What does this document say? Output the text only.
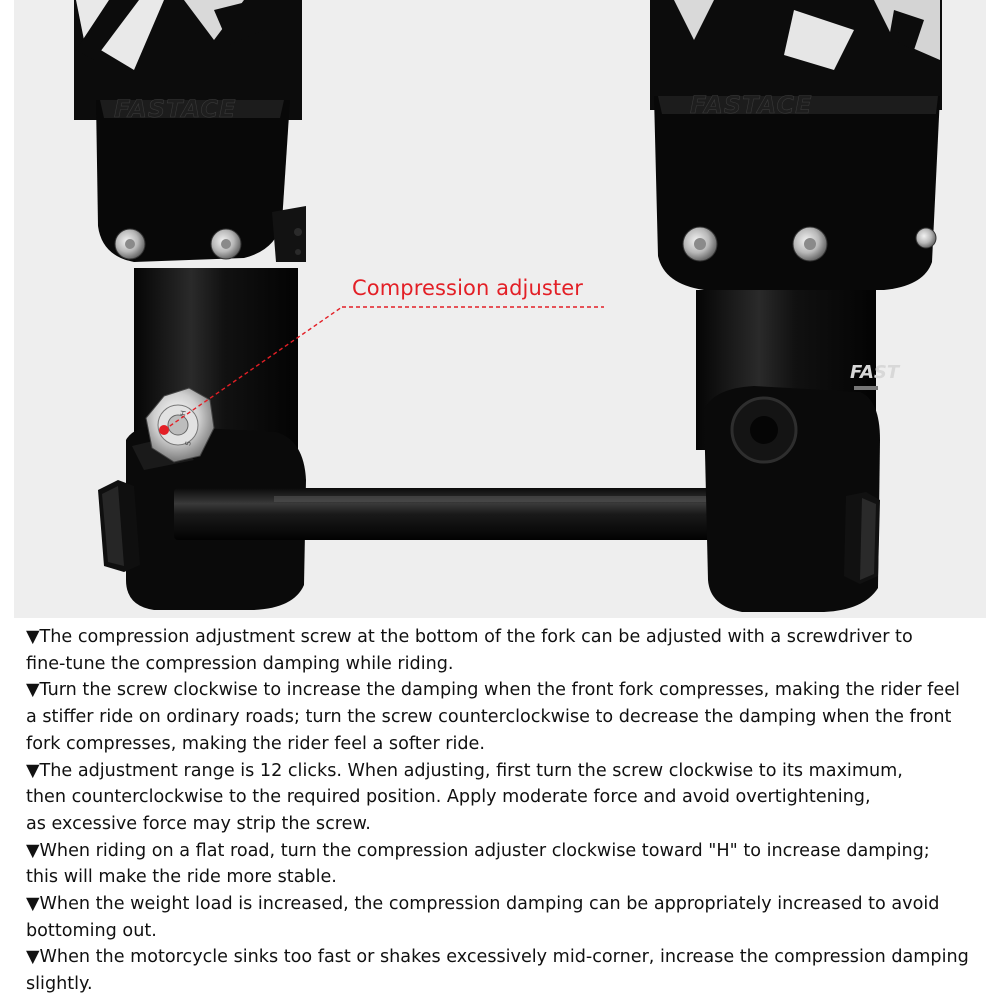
FASTACE
H
S
FASTACE
FAST
Compression adjuster
▼The compression adjustment screw at the bottom of the fork can be adjusted with a screwdriver to
fine-tune the compression damping while riding.
▼Turn the screw clockwise to increase the damping when the front fork compresses, making the rider feel
a stiffer ride on ordinary roads; turn the screw counterclockwise to decrease the damping when the front
fork compresses, making the rider feel a softer ride.
▼The adjustment range is 12 clicks. When adjusting, first turn the screw clockwise to its maximum,
then counterclockwise to the required position. Apply moderate force and avoid overtightening,
as excessive force may strip the screw.
▼When riding on a flat road, turn the compression adjuster clockwise toward "H" to increase damping;
this will make the ride more stable.
▼When the weight load is increased, the compression damping can be appropriately increased to avoid
bottoming out.
▼When the motorcycle sinks too fast or shakes excessively mid-corner, increase the compression damping
slightly.
